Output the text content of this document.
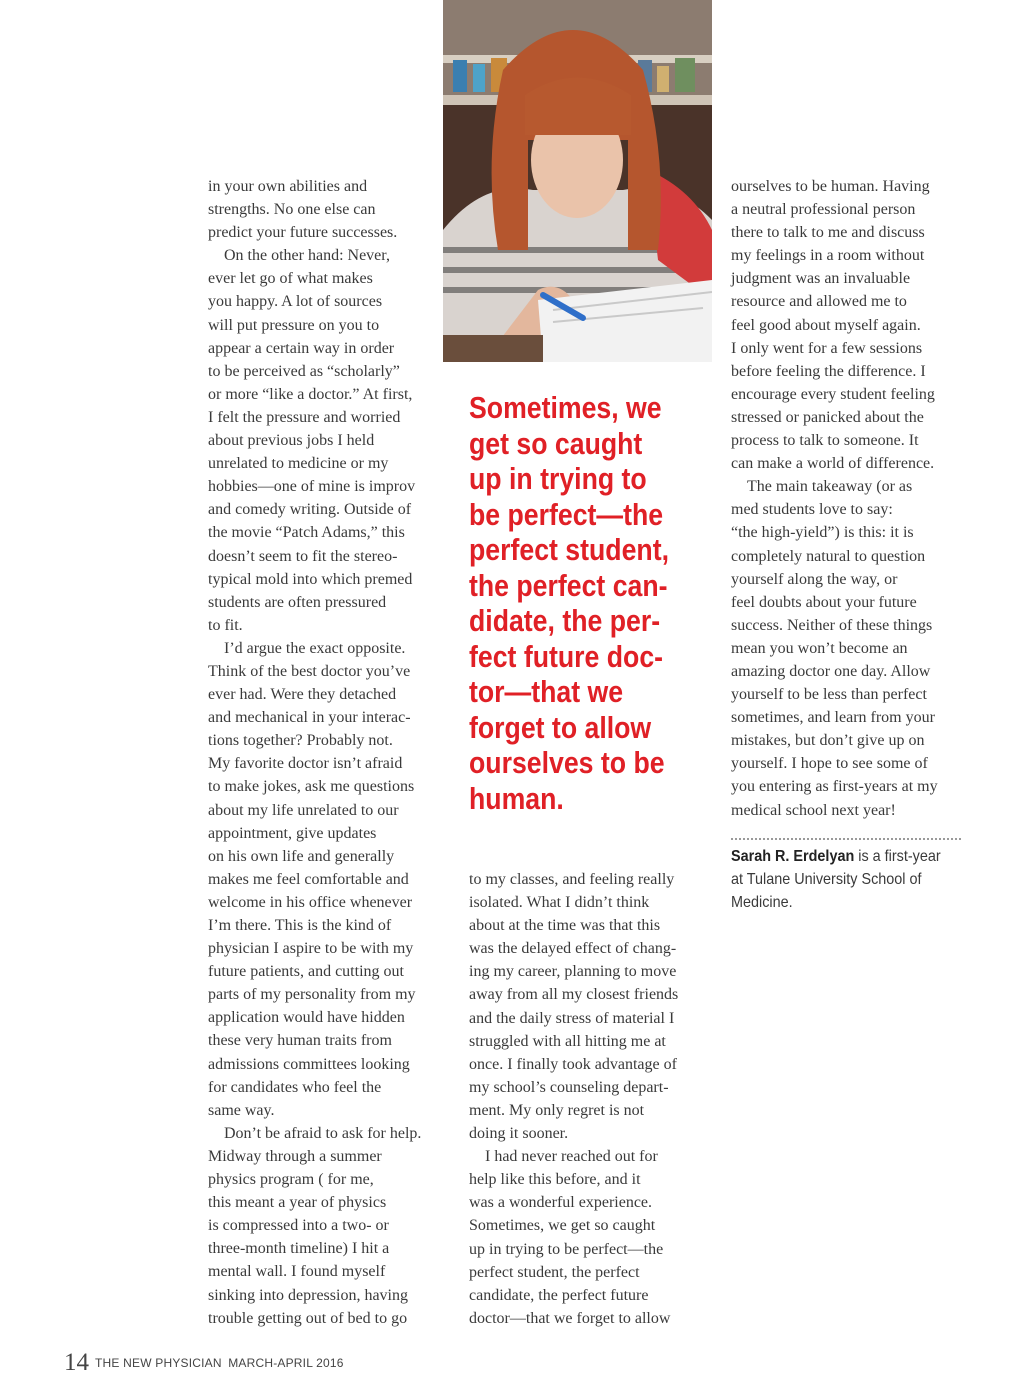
in your own abilities and

strengths. No one else can

predict your future successes.

On the other hand: Never,

ever let go of what makes

you happy. A lot of sources

will put pressure on you to

appear a certain way in order

to be perceived as “scholarly”

or more “like a doctor.” At first,

I felt the pressure and worried

about previous jobs I held

unrelated to medicine or my

hobbies—one of mine is improv

and comedy writing. Outside of

the movie “Patch Adams,” this

doesn’t seem to fit the stereo-

typical mold into which premed

students are often pressured

to fit.

I’d argue the exact opposite.

Think of the best doctor you’ve

ever had. Were they detached

and mechanical in your interac-

tions together? Probably not.

My favorite doctor isn’t afraid

to make jokes, ask me questions

about my life unrelated to our

appointment, give updates

on his own life and generally

makes me feel comfortable and

welcome in his office whenever

I’m there. This is the kind of

physician I aspire to be with my

future patients, and cutting out

parts of my personality from my

application would have hidden

these very human traits from

admissions committees looking

for candidates who feel the

same way.

Don’t be afraid to ask for help.

Midway through a summer

physics program ( for me,

this meant a year of physics

is compressed into a two- or

three-month timeline) I hit a

mental wall. I found myself

sinking into depression, having

trouble getting out of bed to go

Sometimes, we
get so caught
up in trying to
be perfect—the
perfect student,
the perfect can-
didate, the per-
fect future doc-
tor—that we
forget to allow
ourselves to be
human.

to my classes, and feeling really

isolated. What I didn’t think

about at the time was that this

was the delayed effect of chang-

ing my career, planning to move

away from all my closest friends

and the daily stress of material I

struggled with all hitting me at

once. I finally took advantage of

my school’s counseling depart-

ment. My only regret is not

doing it sooner.

I had never reached out for

help like this before, and it

was a wonderful experience.

Sometimes, we get so caught

up in trying to be perfect—the

perfect student, the perfect

candidate, the perfect future

doctor—that we forget to allow

ourselves to be human. Having

a neutral professional person

there to talk to me and discuss

my feelings in a room without

judgment was an invaluable

resource and allowed me to

feel good about myself again.

I only went for a few sessions

before feeling the difference. I

encourage every student feeling

stressed or panicked about the

process to talk to someone. It

can make a world of difference.

The main takeaway (or as

med students love to say:

“the high-yield”) is this: it is

completely natural to question

yourself along the way, or

feel doubts about your future

success. Neither of these things

mean you won’t become an

amazing doctor one day. Allow

yourself to be less than perfect

sometimes, and learn from your

mistakes, but don’t give up on

yourself. I hope to see some of

you entering as first-years at my

medical school next year!

Sarah R. Erdelyan is a first-year
at Tulane University School of
Medicine.
14 THE NEW PHYSICIAN MARCH-APRIL 2016
